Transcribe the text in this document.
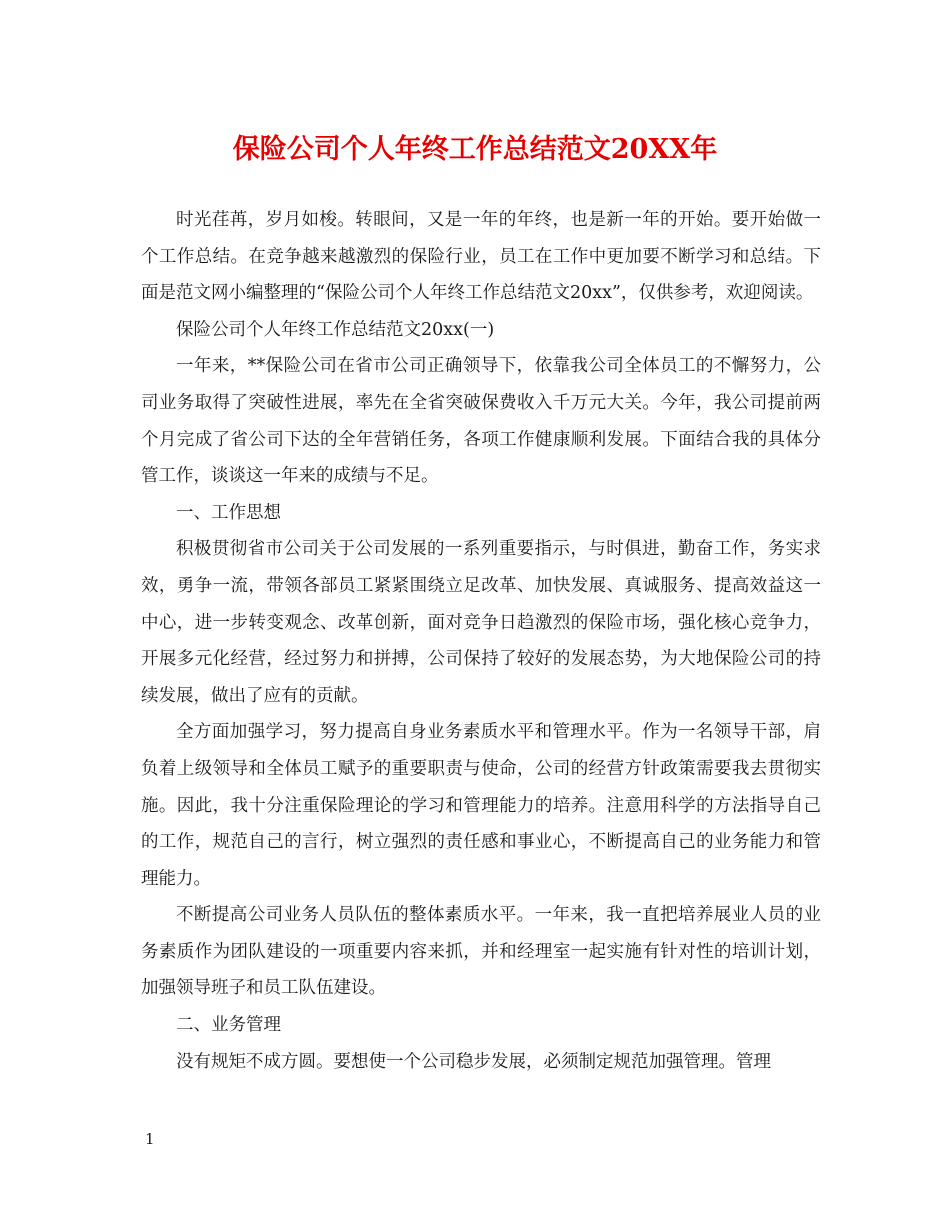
保险公司个人年终工作总结范文20XX年

时光荏苒，岁月如梭。转眼间，又是一年的年终，也是新一年的开始。要开始做一个工作总结。在竞争越来越激烈的保险行业，员工在工作中更加要不断学习和总结。下面是范文网小编整理的“保险公司个人年终工作总结范文20xx”，仅供参考，欢迎阅读。

保险公司个人年终工作总结范文20xx(一)

一年来，**保险公司在省市公司正确领导下，依靠我公司全体员工的不懈努力，公司业务取得了突破性进展，率先在全省突破保费收入千万元大关。今年，我公司提前两个月完成了省公司下达的全年营销任务，各项工作健康顺利发展。下面结合我的具体分管工作，谈谈这一年来的成绩与不足。

一、工作思想

积极贯彻省市公司关于公司发展的一系列重要指示，与时俱进，勤奋工作，务实求效，勇争一流，带领各部员工紧紧围绕立足改革、加快发展、真诚服务、提高效益这一中心，进一步转变观念、改革创新，面对竞争日趋激烈的保险市场，强化核心竞争力，开展多元化经营，经过努力和拼搏，公司保持了较好的发展态势，为大地保险公司的持续发展，做出了应有的贡献。

全方面加强学习，努力提高自身业务素质水平和管理水平。作为一名领导干部，肩负着上级领导和全体员工赋予的重要职责与使命，公司的经营方针政策需要我去贯彻实施。因此，我十分注重保险理论的学习和管理能力的培养。注意用科学的方法指导自己的工作，规范自己的言行，树立强烈的责任感和事业心，不断提高自己的业务能力和管理能力。

不断提高公司业务人员队伍的整体素质水平。一年来，我一直把培养展业人员的业务素质作为团队建设的一项重要内容来抓，并和经理室一起实施有针对性的培训计划，加强领导班子和员工队伍建设。

二、业务管理

没有规矩不成方圆。要想使一个公司稳步发展，必须制定规范加强管理。管理

1
